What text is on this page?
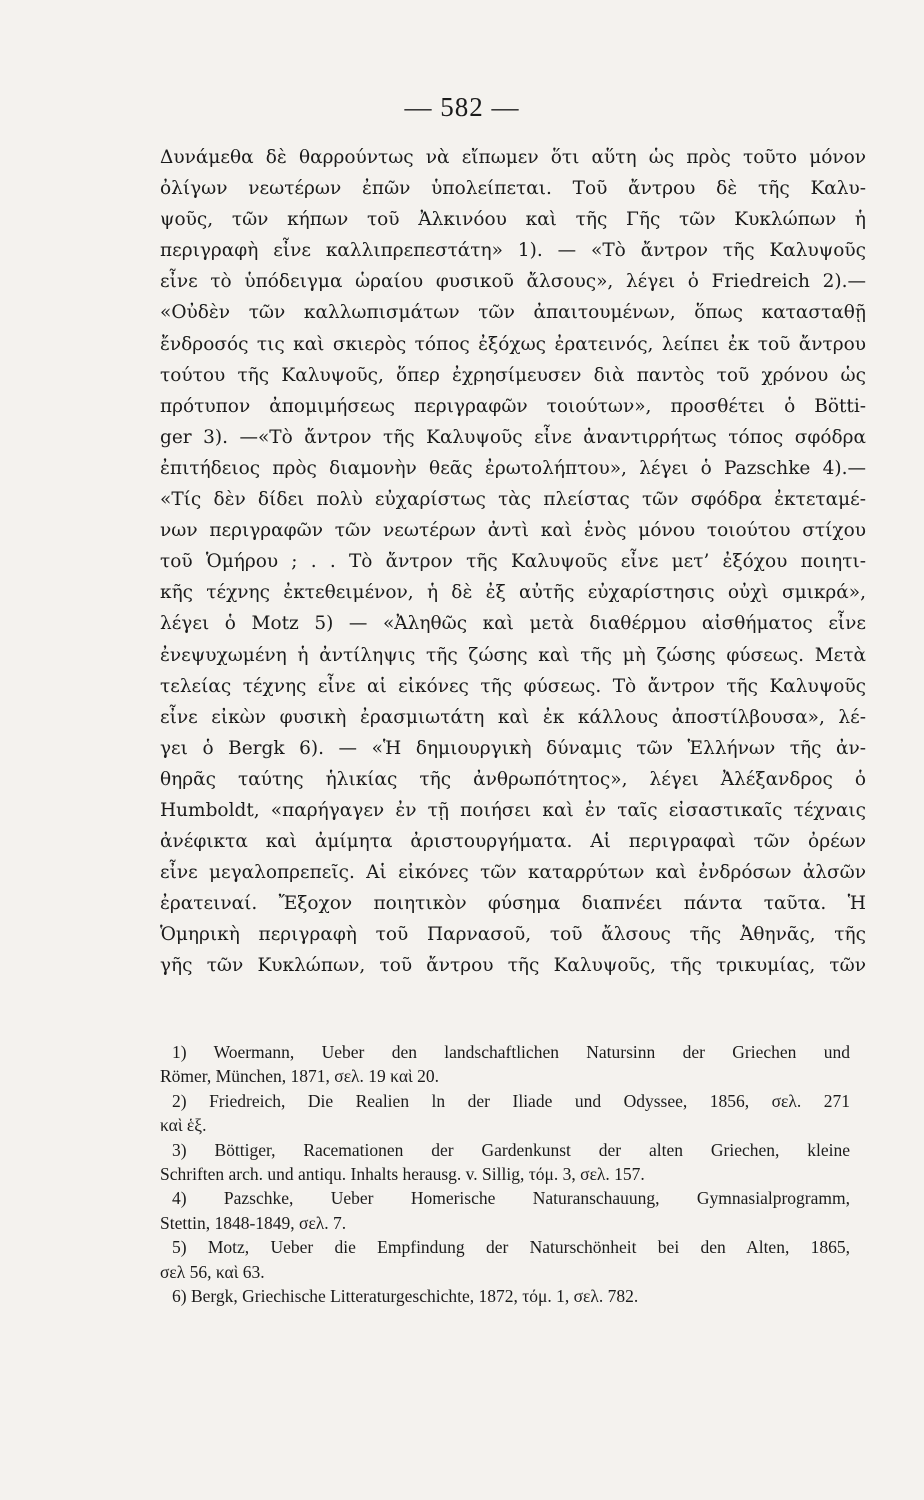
— 582 —
Δυνάμεθα δὲ θαρρούντως νὰ εἴπωμεν ὅτι αὕτη ὡς πρὸς τοῦτο μόνον
ὀλίγων νεωτέρων ἐπῶν ὑπολείπεται. Τοῦ ἄντρου δὲ τῆς Καλυ-
ψοῦς, τῶν κήπων τοῦ Ἀλκινόου καὶ τῆς Γῆς τῶν Κυκλώπων ἡ
περιγραφὴ εἶνε καλλιπρεπεστάτη» 1). — «Τὸ ἄντρον τῆς Καλυψοῦς
εἶνε τὸ ὑπόδειγμα ὡραίου φυσικοῦ ἄλσους», λέγει ὁ Friedreich 2).—
«Οὐδὲν τῶν καλλωπισμάτων τῶν ἀπαιτουμένων, ὅπως κατασταθῇ
ἔνδροσός τις καὶ σκιερὸς τόπος ἐξόχως ἐρατεινός, λείπει ἐκ τοῦ ἄντρου
τούτου τῆς Καλυψοῦς, ὅπερ ἐχρησίμευσεν διὰ παντὸς τοῦ χρόνου ὡς
πρότυπον ἀπομιμήσεως περιγραφῶν τοιούτων», προσθέτει ὁ Bötti-
ger 3). —«Τὸ ἄντρον τῆς Καλυψοῦς εἶνε ἀναντιρρήτως τόπος σφόδρα
ἐπιτήδειος πρὸς διαμονὴν θεᾶς ἐρωτολήπτου», λέγει ὁ Pazschke 4).—
«Τίς δὲν δίδει πολὺ εὐχαρίστως τὰς πλείστας τῶν σφόδρα ἐκτεταμέ-
νων περιγραφῶν τῶν νεωτέρων ἀντὶ καὶ ἑνὸς μόνου τοιούτου στίχου
τοῦ Ὁμήρου ; . . Τὸ ἄντρον τῆς Καλυψοῦς εἶνε μετ’ ἐξόχου ποιητι-
κῆς τέχνης ἐκτεθειμένον, ἡ δὲ ἐξ αὐτῆς εὐχαρίστησις οὐχὶ σμικρά»,
λέγει ὁ Motz 5) — «Ἀληθῶς καὶ μετὰ διαθέρμου αἰσθήματος εἶνε
ἐνεψυχωμένη ἡ ἀντίληψις τῆς ζώσης καὶ τῆς μὴ ζώσης φύσεως. Μετὰ
τελείας τέχνης εἶνε αἱ εἰκόνες τῆς φύσεως. Τὸ ἄντρον τῆς Καλυψοῦς
εἶνε εἰκὼν φυσικὴ ἐρασμιωτάτη καὶ ἐκ κάλλους ἀποστίλβουσα», λέ-
γει ὁ Bergk 6). — «Ἡ δημιουργικὴ δύναμις τῶν Ἑλλήνων τῆς ἀν-
θηρᾶς ταύτης ἡλικίας τῆς ἀνθρωπότητος», λέγει Ἀλέξανδρος ὁ
Humboldt, «παρήγαγεν ἐν τῇ ποιήσει καὶ ἐν ταῖς εἰσαστικαῖς τέχναις
ἀνέφικτα καὶ ἀμίμητα ἀριστουργήματα. Αἱ περιγραφαὶ τῶν ὀρέων
εἶνε μεγαλοπρεπεῖς. Αἱ εἰκόνες τῶν καταρρύτων καὶ ἐνδρόσων ἀλσῶν
ἐρατειναί. Ἔξοχον ποιητικὸν φύσημα διαπνέει πάντα ταῦτα. Ἡ
Ὁμηρικὴ περιγραφὴ τοῦ Παρνασοῦ, τοῦ ἄλσους τῆς Ἀθηνᾶς, τῆς
γῆς τῶν Κυκλώπων, τοῦ ἄντρου τῆς Καλυψοῦς, τῆς τρικυμίας, τῶν
1) Woermann, Ueber den landschaftlichen Natursinn der Griechen und
Römer, München, 1871, σελ. 19 καὶ 20.
2) Friedreich, Die Realien ln der Iliade und Odyssee, 1856, σελ. 271
καὶ ἑξ.
3) Böttiger, Racemationen der Gardenkunst der alten Griechen, kleine
Schriften arch. und antiqu. Inhalts herausg. v. Sillig, τόμ. 3, σελ. 157.
4) Pazschke, Ueber Homerische Naturanschauung, Gymnasialprogramm,
Stettin, 1848-1849, σελ. 7.
5) Motz, Ueber die Empfindung der Naturschönheit bei den Alten, 1865,
σελ 56, καὶ 63.
6) Bergk, Griechische Litteraturgeschichte, 1872, τόμ. 1, σελ. 782.
